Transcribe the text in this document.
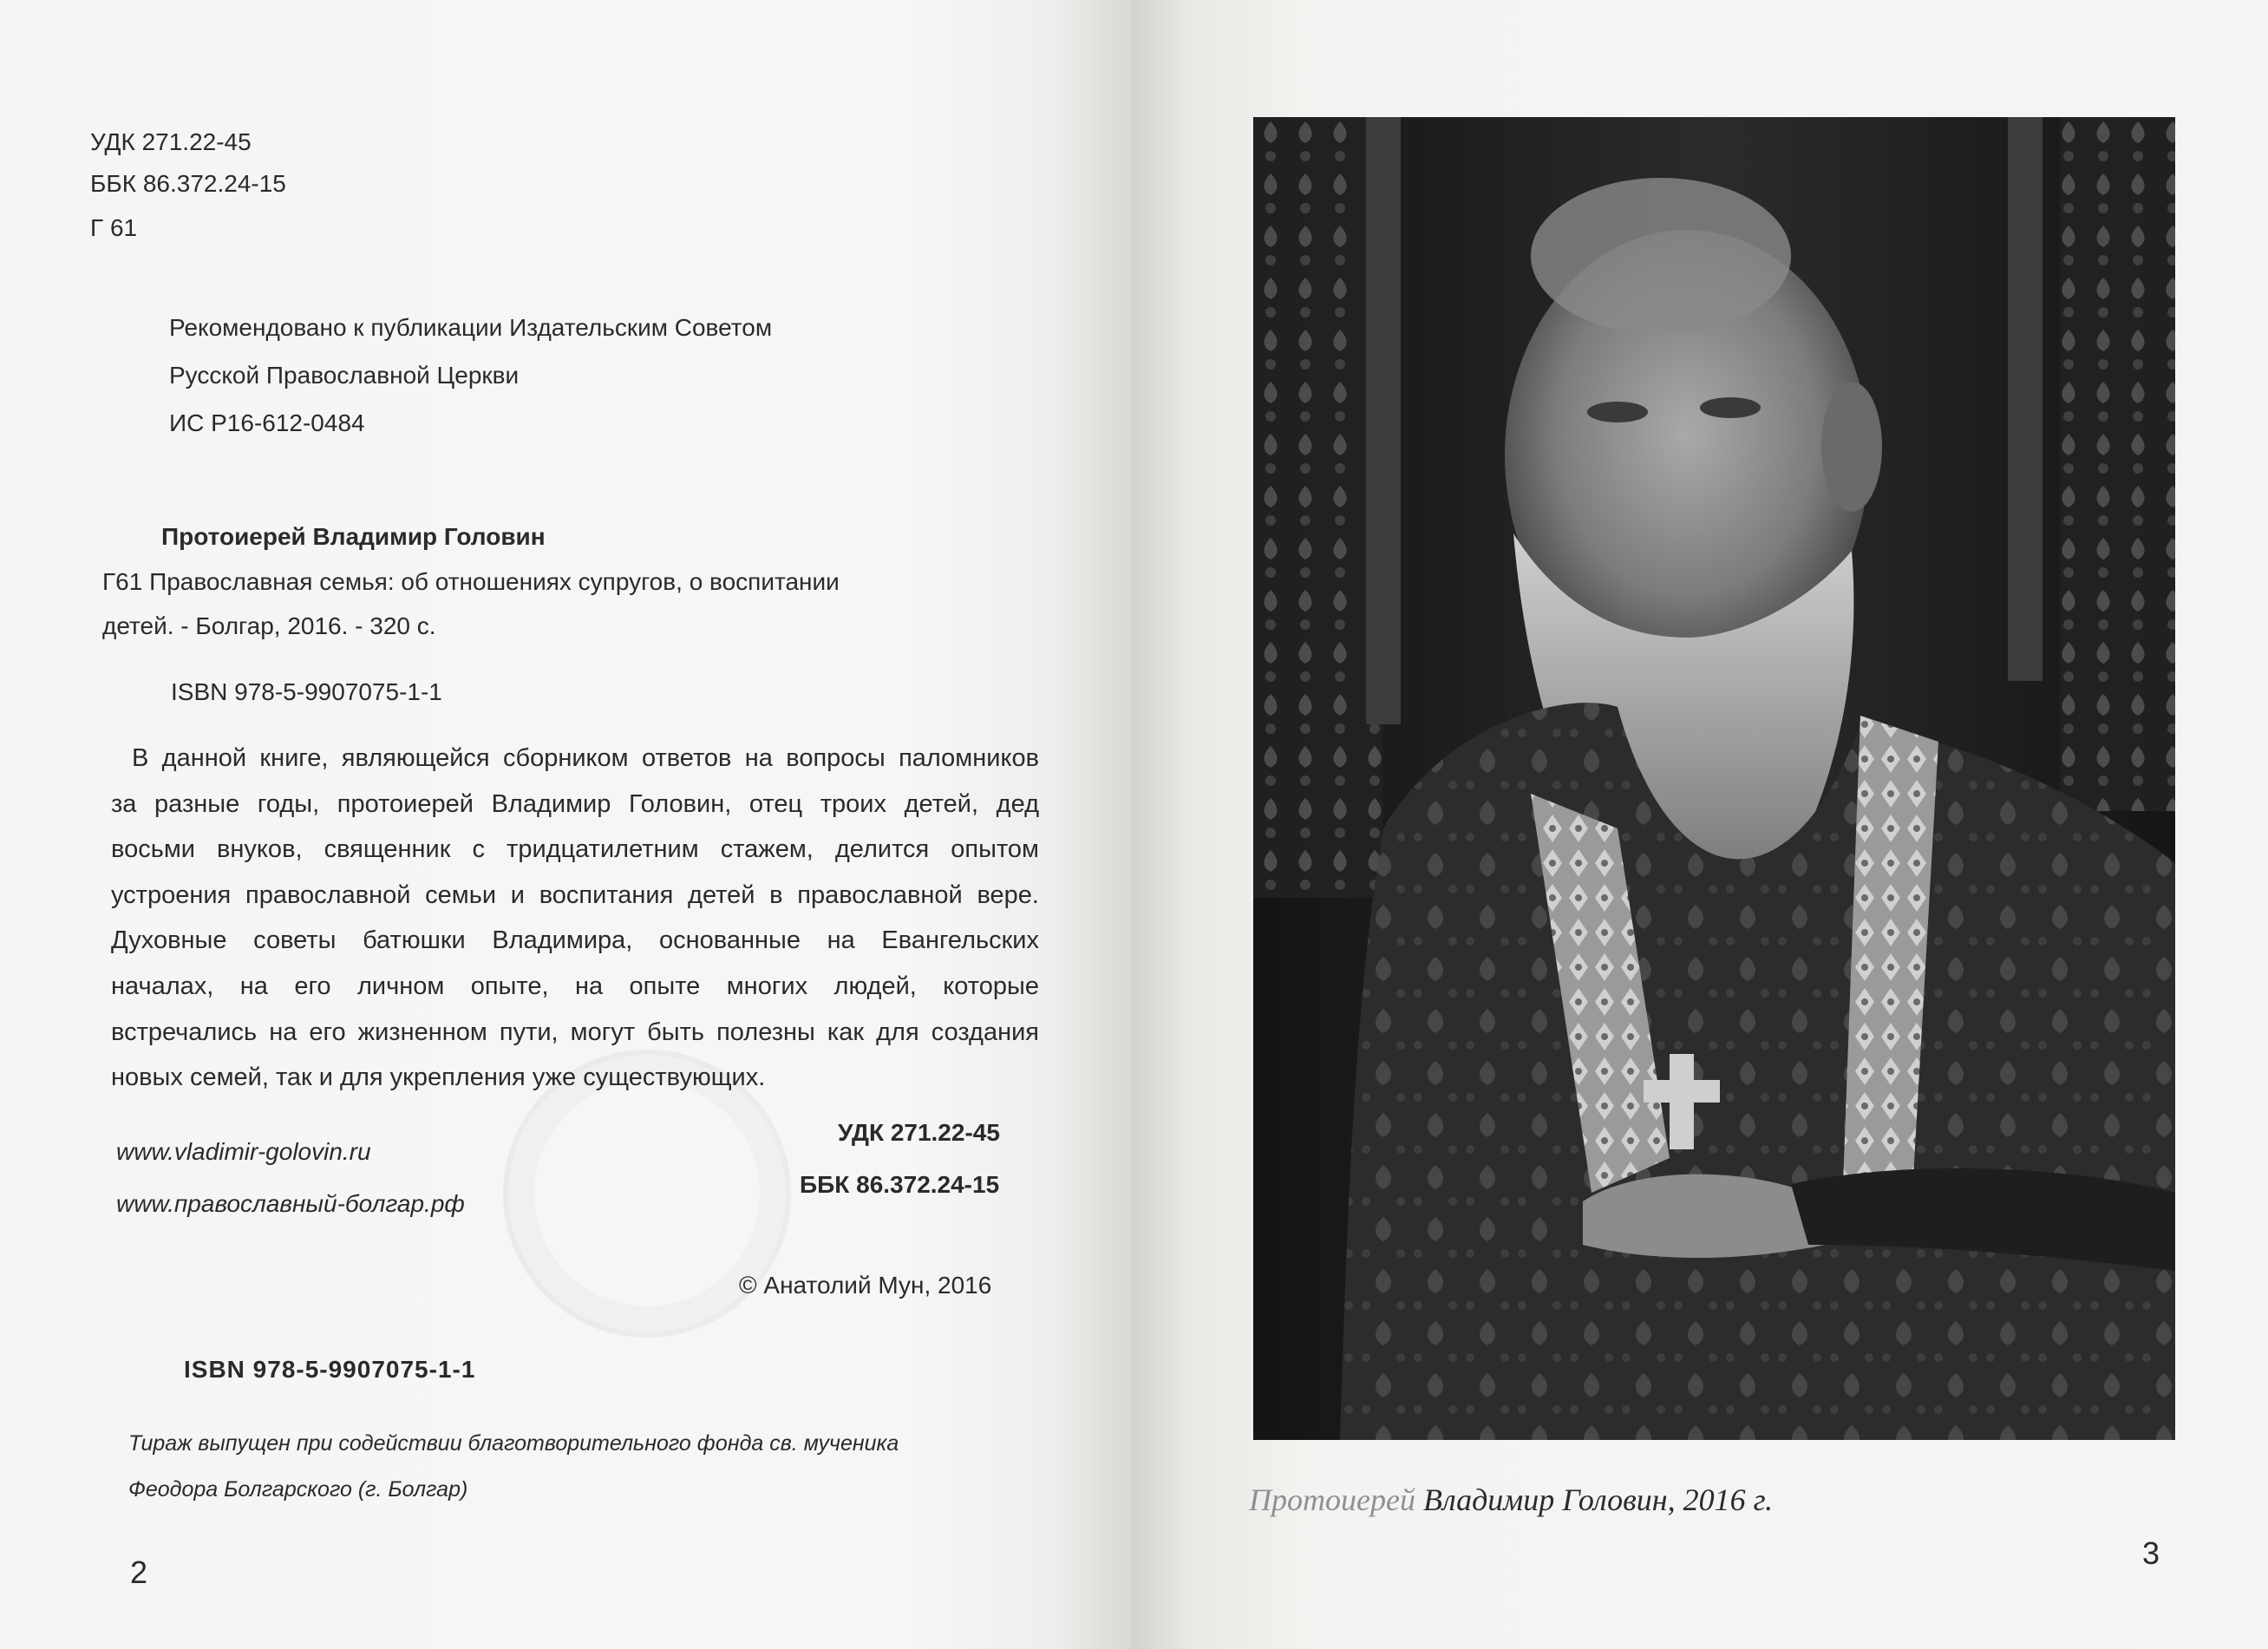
УДК 271.22-45

ББК 86.372.24-15

Г 61

Рекомендовано к публикации Издательским Советом

Русской Православной Церкви

ИС Р16-612-0484

Протоиерей Владимир Головин

Г61 Православная семья: об отношениях супругов, о воспитании

детей. - Болгар, 2016. - 320 с.

ISBN 978-5-9907075-1-1

В данной книге, являющейся сборником ответов на вопросы паломников
за разные годы, протоиерей Владимир Головин, отец троих детей, дед
восьми внуков, священник с тридцатилетним стажем, делится опытом
устроения православной семьи и воспитания детей в православной вере.
Духовные советы батюшки Владимира, основанные на Евангельских
началах, на его личном опыте, на опыте многих людей, которые
встречались на его жизненном пути, могут быть полезны как для создания
новых семей, так и для укрепления уже существующих.

www.vladimir-golovin.ru

www.православный-болгар.рф

УДК 271.22-45

ББК 86.372.24-15

© Анатолий Мун, 2016

ISBN 978-5-9907075-1-1

Тираж выпущен при содействии благотворительного фонда св. мученика

Феодора Болгарского (г. Болгар)

2
Протоиерей Владимир Головин, 2016 г.
3
